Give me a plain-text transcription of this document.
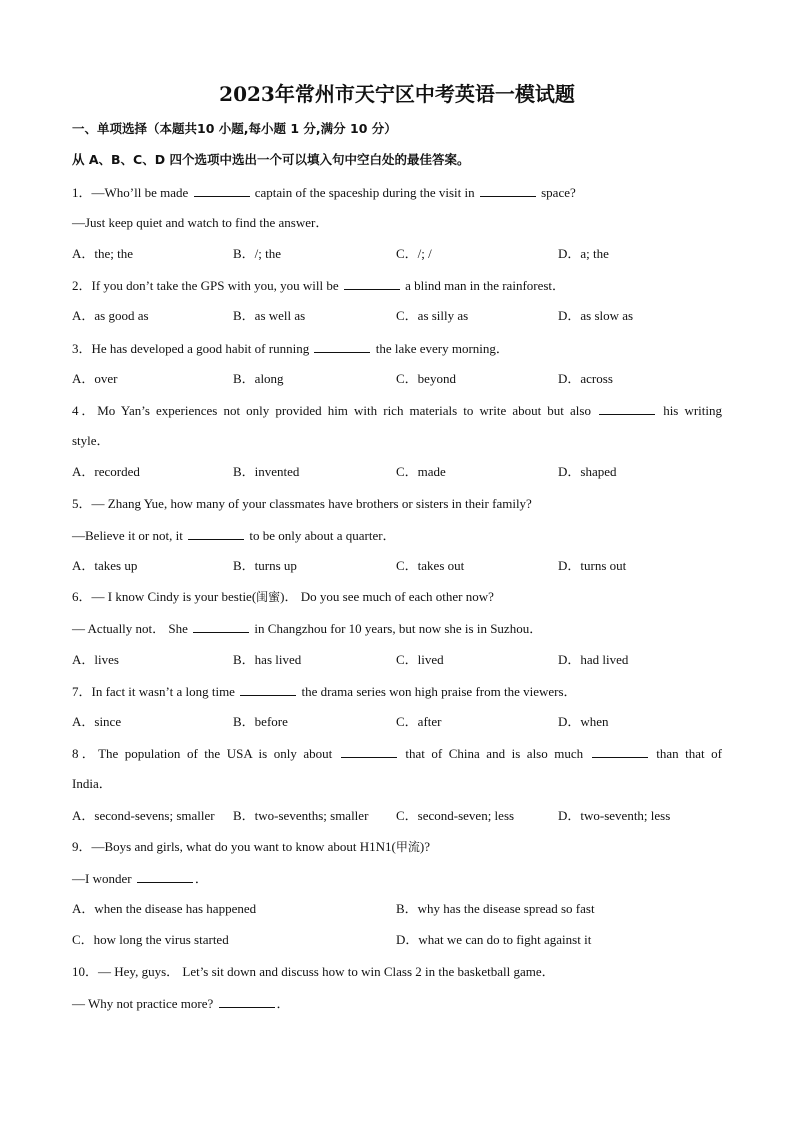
2023年常州市天宁区中考英语一模试题
一、单项选择（本题共10 小题,每小题 1 分,满分 10 分）
从 A、B、C、D 四个选项中选出一个可以填入句中空白处的最佳答案。
1．—Who’ll be made	captain of the spaceship during the visit in	space?
—Just keep quiet and watch to find the answer．
A．the; the	B．/; the	C．/; /	D．a; the
2．If you don’t take the GPS with you, you will be	a blind man in the rainforest．
A．as good as	B．as well as	C．as silly as	D．as slow as
3．He has developed a good habit of running	the lake every morning．
A．over	B．along	C．beyond	D．across
4．Mo Yan’s experiences not only provided him with rich materials to write about but also	his writing
style．
A．recorded	B．invented	C．made	D．shaped
5．— Zhang Yue, how many of your classmates have brothers or sisters in their family?
—Believe it or not, it	to be only about a quarter．
A．takes up	B．turns up	C．takes out	D．turns out
6．— I know Cindy is your bestie(闺蜜)． Do you see much of each other now?
— Actually not． She	in Changzhou for 10 years, but now she is in Suzhou．
A．lives	B．has lived	C．lived	D．had lived
7．In fact it wasn’t a long time	the drama series won high praise from the viewers．
A．since	B．before	C．after	D．when
8．The population of the USA is only about	that of China and is also much	than that of
India．
A．second-sevens; smaller B．two-sevenths; smaller C．second-seven; less	D．two-seventh; less
9．—Boys and girls, what do you want to know about H1N1(甲流)?
—I wonder	．
A．when the disease has happened	B．why has the disease spread so fast
C．how long the virus started	D．what we can do to fight against it
10．— Hey, guys． Let’s sit down and discuss how to win Class 2 in the basketball game．
— Why not practice more?	．
